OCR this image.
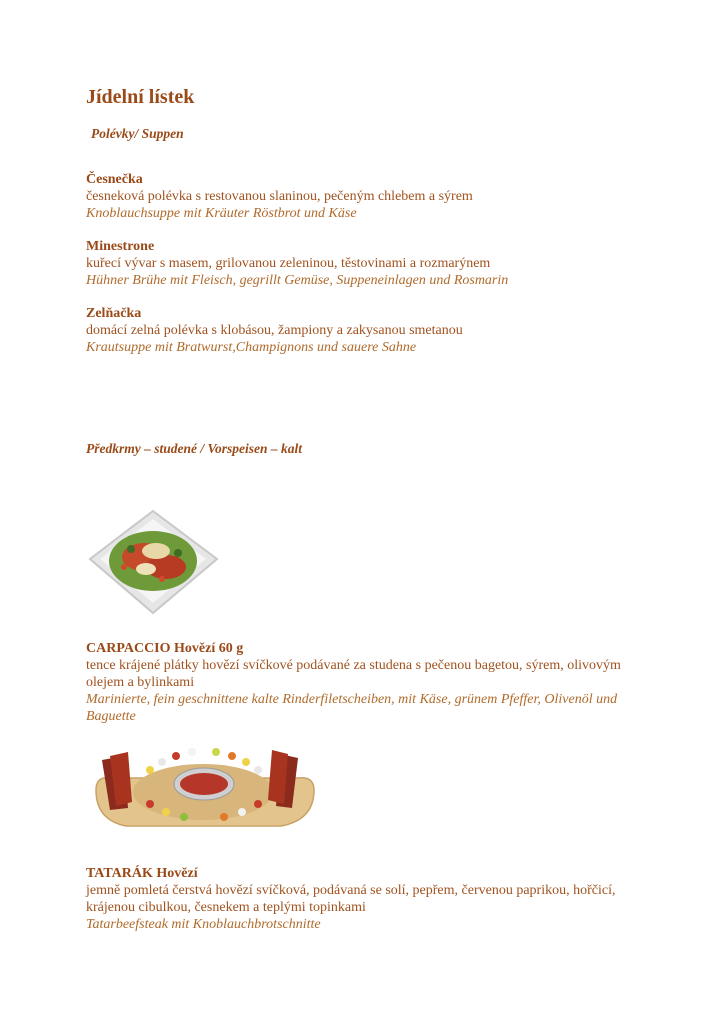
Jídelní lístek
Polévky/ Suppen
Česnečka
česneková polévka s restovanou slaninou, pečeným chlebem a sýrem
Knoblauchsuppe mit Kräuter Röstbrot und Käse
Minestrone
kuřecí vývar s masem, grilovanou zeleninou, těstovinami a rozmarýnem
Hühner Brühe mit Fleisch, gegrillt Gemüse, Suppeneinlagen und Rosmarin
Zelňačka
domácí zelná polévka s klobásou, žampiony a zakysanou smetanou
Krautsuppe mit Bratwurst,Champignons und sauere Sahne
Předkrmy – studené / Vorspeisen – kalt
CARPACCIO Hovězí 60 g
tence krájené plátky hovězí svíčkové podávané za studena s pečenou bagetou, sýrem, olivovým olejem a bylinkami
Marinierte, fein geschnittene kalte Rinderfiletscheiben, mit Käse, grünem Pfeffer, Olivenöl und Baguette
TATARÁK Hovězí
jemně pomletá čerstvá hovězí svíčková, podávaná se solí, pepřem, červenou paprikou, hořčicí, krájenou cibulkou, česnekem a teplými topinkami
Tatarbeefsteak mit Knoblauchbrotschnitte
